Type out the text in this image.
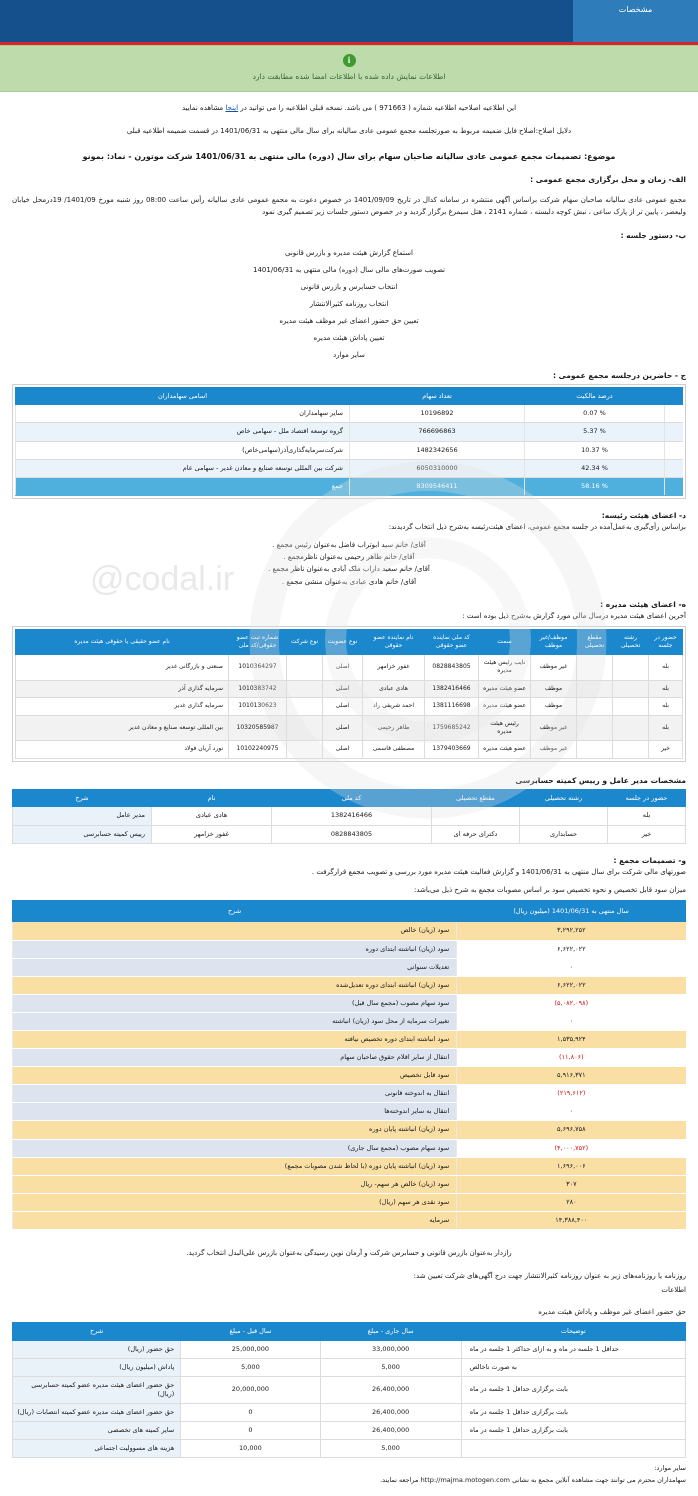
مشخصات
i
اطلاعات نمایش داده شده با اطلاعات امضا شده مطابقت دارد
این اطلاعیه اصلاحیه اطلاعیه شماره ( 971663 ) می باشد. نسخه قبلی اطلاعیه را می توانید در اینجا مشاهده نمایید
دلایل اصلاح:اصلاح فایل ضمیمه مربوط به صورتجلسه مجمع عمومی عادی سالیانه برای سال مالی منتهی به 1401/06/31 در قسمت ضمیمه اطلاعیه قبلی
موضوع: تصمیمات مجمع عمومی عادی سالیانه صاحبان سهام برای سال (دوره) مالی منتهی به 1401/06/31 شرکت موتورن - نماد: بمونو
الف- زمان و محل برگزاری مجمع عمومی :
مجمع عمومی عادی سالیانه صاحبان سهام شرکت براساس آگهی منتشره در سامانه کدال در تاریخ 1401/09/09 در خصوص دعوت به مجمع عمومی عادی سالیانه رأس ساعت 08:00 روز شنبه مورخ 1401/09/ 19درمحل خیابان ولیعصر ، پایین تر از پارک ساعی ، نبش کوچه دلبسته ، شماره 2141 ، هتل سیمرغ برگزار گردید و در خصوص دستور جلسات زیر تصمیم گیری نمود
ب- دستور جلسه :
استماع گزارش هیئت مدیره و بازرس قانونی
تصویب صورت‌های مالی سال (دوره) مالی منتهی به 1401/06/31
انتخاب حسابرس و بازرس قانونی
انتخاب روزنامه کثیرالانتشار
تعیین حق حضور اعضای غیر موظف هیئت مدیره
تعیین پاداش هیئت مدیره
سایر موارد
ج - حاضرین درجلسه مجمع عمومی :
	درصد مالکیت	تعداد سهام	اسامی سهامداران
	% 0.07	10196892	سایر سهامداران
	% 5.37	766696863	گروه توسعه اقتصاد ملل - سهامی خاص
	% 10.37	1482342656	شرکت‌سرمایه‌گذاری‌آذر(سهامی‌خاص)
	% 42.34	6050310000	شرکت بین المللی توسعه صنایع و معادن غدیر - سهامی عام
	% 58.16	8309546411	جمع
د- اعضای هیئت رئیسه:
براساس رأی‌گیری به‌عمل‌آمده در جلسه مجمع عمومی، اعضای هیئت‌رئیسه به‌شرح ذیل انتخاب گردیدند:
آقای/ خانم سید ابوتراب فاضل به‌عنوان رئیس مجمع .
آقای/ خانم طاهر رحیمی به‌عنوان ناظرمجمع .
آقای/ خانم سعید داراب ملک آبادی به‌عنوان ناظر مجمع .
آقای/ خانم هادی عبادی به‌عنوان منشی مجمع .
ه- اعضای هیئت مدیره :
آخرین اعضای هیئت مدیره درسال مالی مورد گزارش به‌شرح ذیل بوده است :
حضور در جلسه	رشته تحصیلی	مقطع تحصیلی	موظف/غیر موظف	سمت	کد ملی نماینده عضو حقوقی	نام نماینده عضو حقوقی	نوع عضویت	نوع شرکت	شماره ثبت عضو حقوقی/کد ملی	نام عضو حقیقی یا حقوقی هیئت مدیره
بله			غیر موظف	نایب رئیس هیئت مدیره	0828843805	غفور خزامهر	اصلی		1010364297	صنعتی و بازرگانی غدیر
بله			موظف	عضو هیئت مدیره	1382416466	هادی عبادی	اصلی		1010383742	سرمایه گذاری آذر
بله			موظف	عضو هیئت مدیره	1381116698	احمد شریفی راد	اصلی		1010130623	سرمایه گذاری غدیر
بله			غیر موظف	رئیس هیئت مدیره	1759685242	طاهر رحیمی	اصلی		10320585987	بین المللی توسعه صنایع و معادن غدیر
خیر			غیر موظف	عضو هیئت مدیره	1379403669	مصطفی قاسمی	اصلی		10102240975	نورد آریان فولاد
مشخصات مدیر عامل و رییس کمیته حسابرسی
حضور در جلسه	رشته تحصیلی	مقطع تحصیلی	کد ملی	نام	شرح
بله			1382416466	هادی عبادی	مدیر عامل
خیر	حسابداری	دکترای حرفه ای	0828843805	غفور خزامهر	رییس کمیته حسابرسی
و- تصمیمات مجمع :
صورتهای مالی شرکت برای سال منتهی به 1401/06/31 و گزارش فعالیت هیئت مدیره مورد بررسی و تصویب مجمع قرارگرفت .
میزان سود قابل تخصیص و نحوه تخصیص سود بر اساس مصوبات مجمع به شرح ذیل می‌باشد:
سال منتهی به 1401/06/31 (میلیون ریال)	شرح
۳,۲۹۲,۲۵۲	سود (زیان) خالص
۶,۶۲۲,۰۲۲	سود (زیان) انباشته ابتدای دوره
۰	تعدیلات سنواتی
۶,۶۲۲,۰۲۲	سود (زیان) انباشته ابتدای دوره تعدیل‌شده
(۵,۰۸۲,۰۹۸)	سود سهام مصوب (مجمع سال قبل)
۰	تغییرات سرمایه از محل سود (زیان) انباشته
۱,۵۳۵,۹۲۴	سود انباشته ابتدای دوره تخصیص نیافته
(۱۱,۸۰۶)	انتقال از سایر اقلام حقوق صاحبان سهام
۵,۹۱۶,۳۷۱	سود قابل تخصیص
(۲۱۹,۶۱۲)	انتقال به اندوخته قانونی
۰	انتقال به سایر اندوخته‌ها
۵,۶۹۶,۷۵۸	سود (زیان) انباشته پایان دوره
(۴,۰۰۰,۷۵۲)	سود سهام مصوب (مجمع سال جاری)
۱,۶۹۶,۰۰۶	سود (زیان) انباشته پایان دوره (با لحاظ شدن مصوبات مجمع)
۳۰۷	سود (زیان) خالص هر سهم- ریال
۲۸۰	سود نقدی هر سهم (ریال)
۱۴,۳۸۸,۴۰۰	سرمایه
رازدار به‌عنوان بازرس قانونی و حسابرس شرکت و آرمان نوین رسیدگی به‌عنوان بازرس علی‌البدل انتخاب گردید.
روزنامه یا روزنامه‌های زیر به عنوان روزنامه کثیرالانتشار جهت درج آگهی‌های شرکت تعیین شد:
اطلاعات
حق حضور اعضای غیر موظف و پاداش هیئت مدیره
توضیحات	سال جاری - مبلغ	سال قبل - مبلغ	شرح
حداقل 1 جلسه در ماه و به ازای حداکثر 1 جلسه در ماه	33,000,000	25,000,000	حق حضور (ریال)
به صورت ناخالص	5,000	5,000	پاداش (میلیون ریال)
بابت برگزاری حداقل 1 جلسه در ماه	26,400,000	20,000,000	حق حضور اعضای هیئت مدیره عضو کمیته حسابرسی (ریال)
بابت برگزاری حداقل 1 جلسه در ماه	26,400,000	0	حق حضور اعضای هیئت مدیره عضو کمیته انتصابات (ریال)
بابت برگزاری حداقل 1 جلسه در ماه	26,400,000	0	سایر کمیته های تخصصی
	5,000	10,000	هزینه های مسوولیت اجتماعی
سایر موارد:
سهامداران محترم می توانند جهت مشاهده آنلاین مجمع به نشانی http://majma.motogen.com مراجعه نمایند.
@codal.ir
